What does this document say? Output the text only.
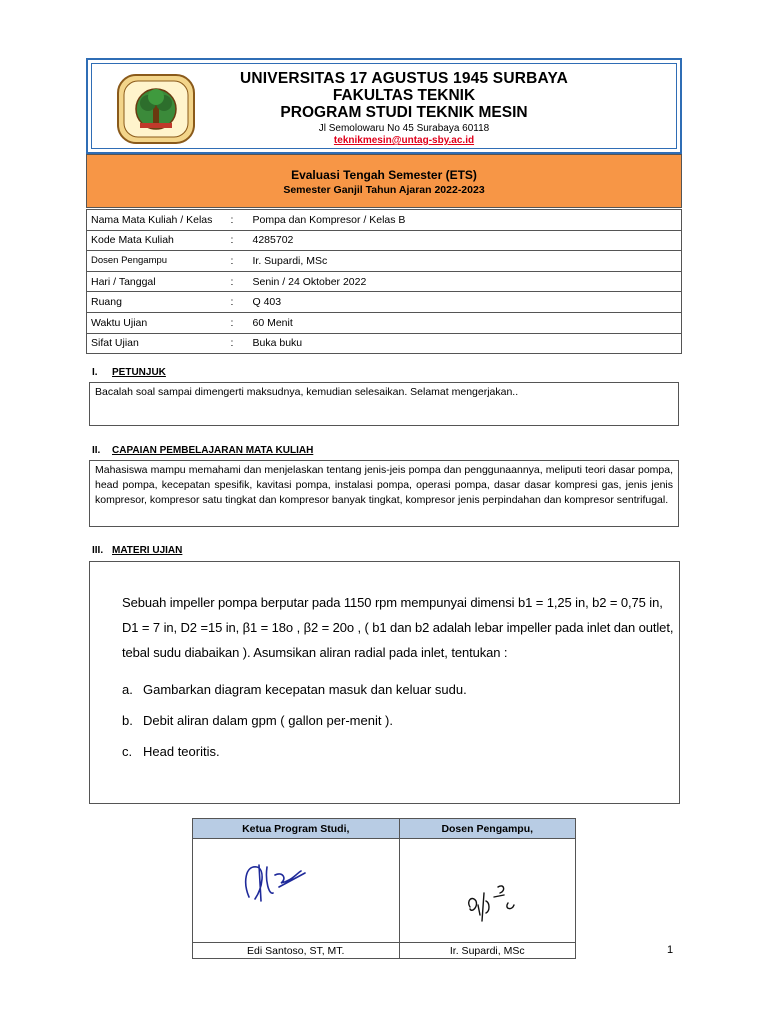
UNIVERSITAS 17 AGUSTUS 1945 SURBAYA
FAKULTAS TEKNIK
PROGRAM STUDI TEKNIK MESIN
Jl Semolowaru No 45 Surabaya 60118
teknikmesin@untag-sby.ac.id
Evaluasi Tengah Semester (ETS)
Semester Ganjil Tahun Ajaran 2022-2023
Nama Mata Kuliah / Kelas	:	Pompa dan Kompresor / Kelas B
Kode Mata Kuliah	:	4285702
Dosen Pengampu	:	Ir. Supardi, MSc
Hari / Tanggal	:	Senin / 24 Oktober 2022
Ruang	:	Q 403
Waktu Ujian	:	60 Menit
Sifat Ujian	:	Buka buku
I. PETUNJUK
Bacalah soal sampai dimengerti maksudnya, kemudian selesaikan. Selamat mengerjakan..
II. CAPAIAN PEMBELAJARAN MATA KULIAH
Mahasiswa mampu memahami dan menjelaskan tentang jenis-jeis pompa dan penggunaannya, meliputi teori dasar pompa, head pompa, kecepatan spesifik, kavitasi pompa, instalasi pompa, operasi pompa, dasar dasar kompresi gas, jenis jenis kompresor, kompresor satu tingkat dan kompresor banyak tingkat, kompresor jenis perpindahan dan kompresor sentrifugal.
III. MATERI UJIAN
Sebuah impeller pompa berputar pada 1150 rpm mempunyai dimensi b1 = 1,25 in, b2 = 0,75 in, D1 = 7 in, D2 =15 in, β1 = 18o , β2 = 20o , ( b1 dan b2 adalah lebar impeller pada inlet dan outlet, tebal sudu diabaikan ). Asumsikan aliran radial pada inlet, tentukan :
a. Gambarkan diagram kecepatan masuk dan keluar sudu.
b. Debit aliran dalam gpm ( gallon per-menit ).
c. Head teoritis.
Ketua Program Studi,	Dosen Pengampu,

Edi Santoso, ST, MT.	Ir. Supardi, MSc	1
